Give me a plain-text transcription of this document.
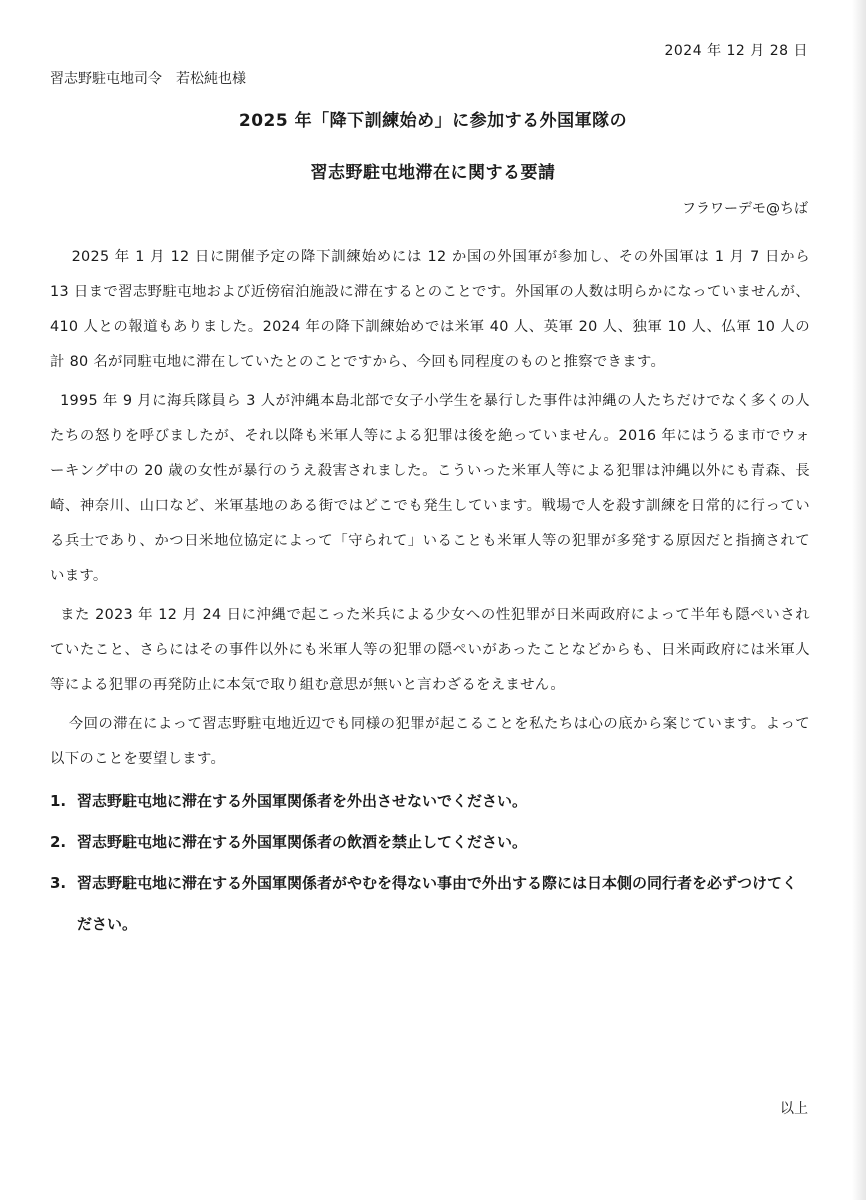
2024 年 12 月 28 日
習志野駐屯地司令　若松純也様
2025 年「降下訓練始め」に参加する外国軍隊の
習志野駐屯地滞在に関する要請
フラワーデモ@ちば

2025 年 1 月 12 日に開催予定の降下訓練始めには 12 か国の外国軍が参加し、その外国軍は 1 月 7 日から 13 日まで習志野駐屯地および近傍宿泊施設に滞在するとのことです。外国軍の人数は明らかになっていませんが、410 人との報道もありました。2024 年の降下訓練始めでは米軍 40 人、英軍 20 人、独軍 10 人、仏軍 10 人の計 80 名が同駐屯地に滞在していたとのことですから、今回も同程度のものと推察できます。

1995 年 9 月に海兵隊員ら 3 人が沖縄本島北部で女子小学生を暴行した事件は沖縄の人たちだけでなく多くの人たちの怒りを呼びましたが、それ以降も米軍人等による犯罪は後を絶っていません。2016 年にはうるま市でウォーキング中の 20 歳の女性が暴行のうえ殺害されました。こういった米軍人等による犯罪は沖縄以外にも青森、長崎、神奈川、山口など、米軍基地のある街ではどこでも発生しています。戦場で人を殺す訓練を日常的に行っている兵士であり、かつ日米地位協定によって「守られて」いることも米軍人等の犯罪が多発する原因だと指摘されています。

また 2023 年 12 月 24 日に沖縄で起こった米兵による少女への性犯罪が日米両政府によって半年も隠ぺいされていたこと、さらにはその事件以外にも米軍人等の犯罪の隠ぺいがあったことなどからも、日米両政府には米軍人等による犯罪の再発防止に本気で取り組む意思が無いと言わざるをえません。

今回の滞在によって習志野駐屯地近辺でも同様の犯罪が起こることを私たちは心の底から案じています。よって以下のことを要望します。

1. 習志野駐屯地に滞在する外国軍関係者を外出させないでください。
2. 習志野駐屯地に滞在する外国軍関係者の飲酒を禁止してください。
3. 習志野駐屯地に滞在する外国軍関係者がやむを得ない事由で外出する際には日本側の同行者を必ずつけてください。
以上
